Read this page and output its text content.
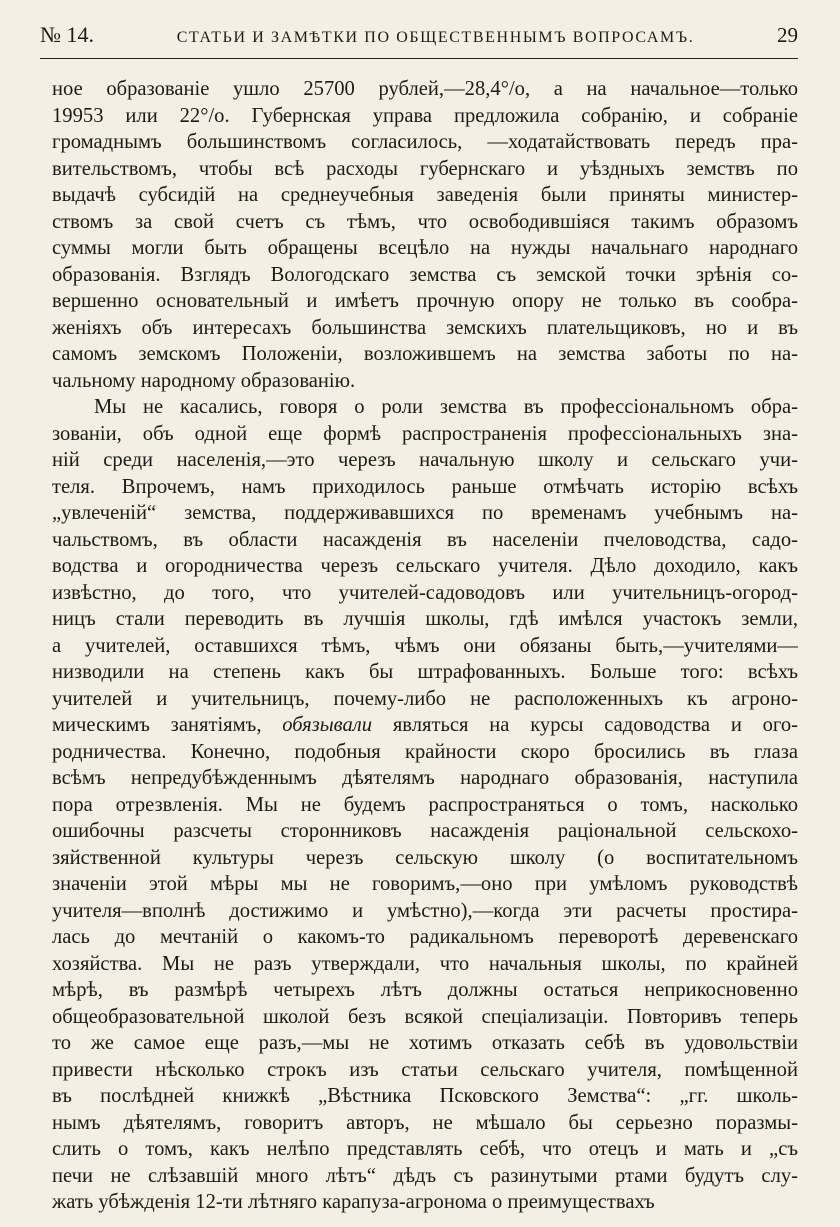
№ 14.	СТАТЬИ И ЗАМѢТКИ ПО ОБЩЕСТВЕННЫМЪ ВОПРОСАМЪ.	29
ное образованіе ушло 25700 рублей,—28,4°/о, а на начальное—только
19953 или 22°/о. Губернская управа предложила собранію, и собраніе
громаднымъ большинствомъ согласилось, —ходатайствовать передъ пра-
вительствомъ, чтобы всѣ расходы губернскаго и уѣздныхъ земствъ по
выдачѣ субсидій на среднеучебныя заведенія были приняты министер-
ствомъ за свой счетъ съ тѣмъ, что освободившіяся такимъ образомъ
суммы могли быть обращены всецѣло на нужды начальнаго народнаго
образованія. Взглядъ Вологодскаго земства съ земской точки зрѣнія со-
вершенно основательный и имѣетъ прочную опору не только въ сообра-
женіяхъ объ интересахъ большинства земскихъ плательщиковъ, но и въ
самомъ земскомъ Положеніи, возложившемъ на земства заботы по на-
чальному народному образованію.
Мы не касались, говоря о роли земства въ профессіональномъ обра-
зованіи, объ одной еще формѣ распространенія профессіональныхъ зна-
ній среди населенія,—это черезъ начальную школу и сельскаго учи-
теля. Впрочемъ, намъ приходилось раньше отмѣчать исторію всѣхъ
„увлеченій“ земства, поддерживавшихся по временамъ учебнымъ на-
чальствомъ, въ области насажденія въ населеніи пчеловодства, садо-
водства и огородничества черезъ сельскаго учителя. Дѣло доходило, какъ
извѣстно, до того, что учителей-садоводовъ или учительницъ-огород-
ницъ стали переводить въ лучшія школы, гдѣ имѣлся участокъ земли,
а учителей, оставшихся тѣмъ, чѣмъ они обязаны быть,—учителями—
низводили на степень какъ бы штрафованныхъ. Больше того: всѣхъ
учителей и учительницъ, почему-либо не расположенныхъ къ агроно-
мическимъ занятіямъ, обязывали являться на курсы садоводства и ого-
родничества. Конечно, подобныя крайности скоро бросились въ глаза
всѣмъ непредубѣжденнымъ дѣятелямъ народнаго образованія, наступила
пора отрезвленія. Мы не будемъ распространяться о томъ, насколько
ошибочны разсчеты сторонниковъ насажденія раціональной сельскохо-
зяйственной культуры черезъ сельскую школу (о воспитательномъ
значеніи этой мѣры мы не говоримъ,—оно при умѣломъ руководствѣ
учителя—вполнѣ достижимо и умѣстно),—когда эти расчеты простира-
лась до мечтаній о какомъ-то радикальномъ переворотѣ деревенскаго
хозяйства. Мы не разъ утверждали, что начальныя школы, по крайней
мѣрѣ, въ размѣрѣ четырехъ лѣтъ должны остаться неприкосновенно
общеобразовательной школой безъ всякой спеціализаціи. Повторивъ теперь
то же самое еще разъ,—мы не хотимъ отказать себѣ въ удовольствіи
привести нѣсколько строкъ изъ статьи сельскаго учителя, помѣщенной
въ послѣдней книжкѣ „Вѣстника Псковского Земства“: „гг. школь-
нымъ дѣятелямъ, говоритъ авторъ, не мѣшало бы серьезно поразмы-
слить о томъ, какъ нелѣпо представлять себѣ, что отецъ и мать и „съ
печи не слѣзавшій много лѣтъ“ дѣдъ съ разинутыми ртами будутъ слу-
жать убѣжденія 12-ти лѣтняго карапуза-агронома о преимуществахъ
